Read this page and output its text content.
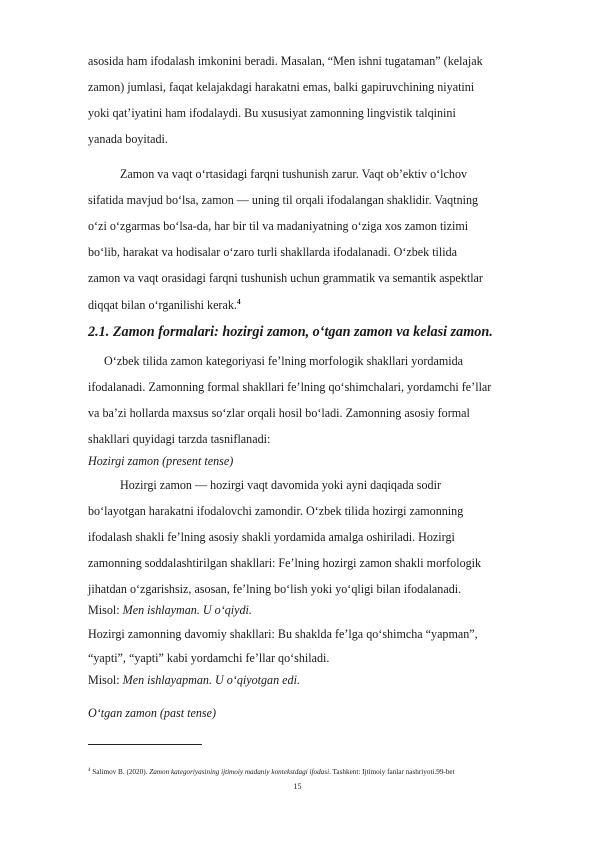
asosida ham ifodalash imkonini beradi. Masalan, “Men ishni tugataman” (kelajak
zamon) jumlasi, faqat kelajakdagi harakatni emas, balki gapiruvchining niyatini
yoki qat’iyatini ham ifodalaydi. Bu xususiyat zamonning lingvistik talqinini
yanada boyitadi.
Zamon va vaqt o‘rtasidagi farqni tushunish zarur. Vaqt ob’ektiv o‘lchov
sifatida mavjud bo‘lsa, zamon — uning til orqali ifodalangan shaklidir. Vaqtning
o‘zi o‘zgarmas bo‘lsa-da, har bir til va madaniyatning o‘ziga xos zamon tizimi
bo‘lib, harakat va hodisalar o‘zaro turli shakllarda ifodalanadi. O‘zbek tilida
zamon va vaqt orasidagi farqni tushunish uchun grammatik va semantik aspektlar
diqqat bilan o‘rganilishi kerak.$^4$
2.1. Zamon formalari: hozirgi zamon, o‘tgan zamon va kelasi zamon.
O‘zbek tilida zamon kategoriyasi fe’lning morfologik shakllari yordamida
ifodalanadi. Zamonning formal shakllari fe’lning qo‘shimchalari, yordamchi fe’llar
va ba’zi hollarda maxsus so‘zlar orqali hosil bo‘ladi. Zamonning asosiy formal
shakllari quyidagi tarzda tasniflanadi:
Hozirgi zamon (present tense)
Hozirgi zamon — hozirgi vaqt davomida yoki ayni daqiqada sodir
bo‘layotgan harakatni ifodalovchi zamondir. O‘zbek tilida hozirgi zamonning
ifodalash shakli fe’lning asosiy shakli yordamida amalga oshiriladi. Hozirgi
zamonning soddalashtirilgan shakllari: Fe’lning hozirgi zamon shakli morfologik
jihatdan o‘zgarishsiz, asosan, fe’lning bo‘lish yoki yo‘qligi bilan ifodalanadi.
Misol: Men ishlayman. U o‘qiydi.
Hozirgi zamonning davomiy shakllari: Bu shaklda fe’lga qo‘shimcha “yapman”,
“yapti”, “yapti” kabi yordamchi fe’llar qo‘shiladi.
Misol: Men ishlayapman. U o‘qiyotgan edi.
O‘tgan zamon (past tense)
$^4$ Salimov B. (2020). Zamon kategoriyasining ijtimoiy madaniy kontekstdagi ifodasi. Tashkent: Ijtimoiy fanlar nashriyoti.99-bet
15
